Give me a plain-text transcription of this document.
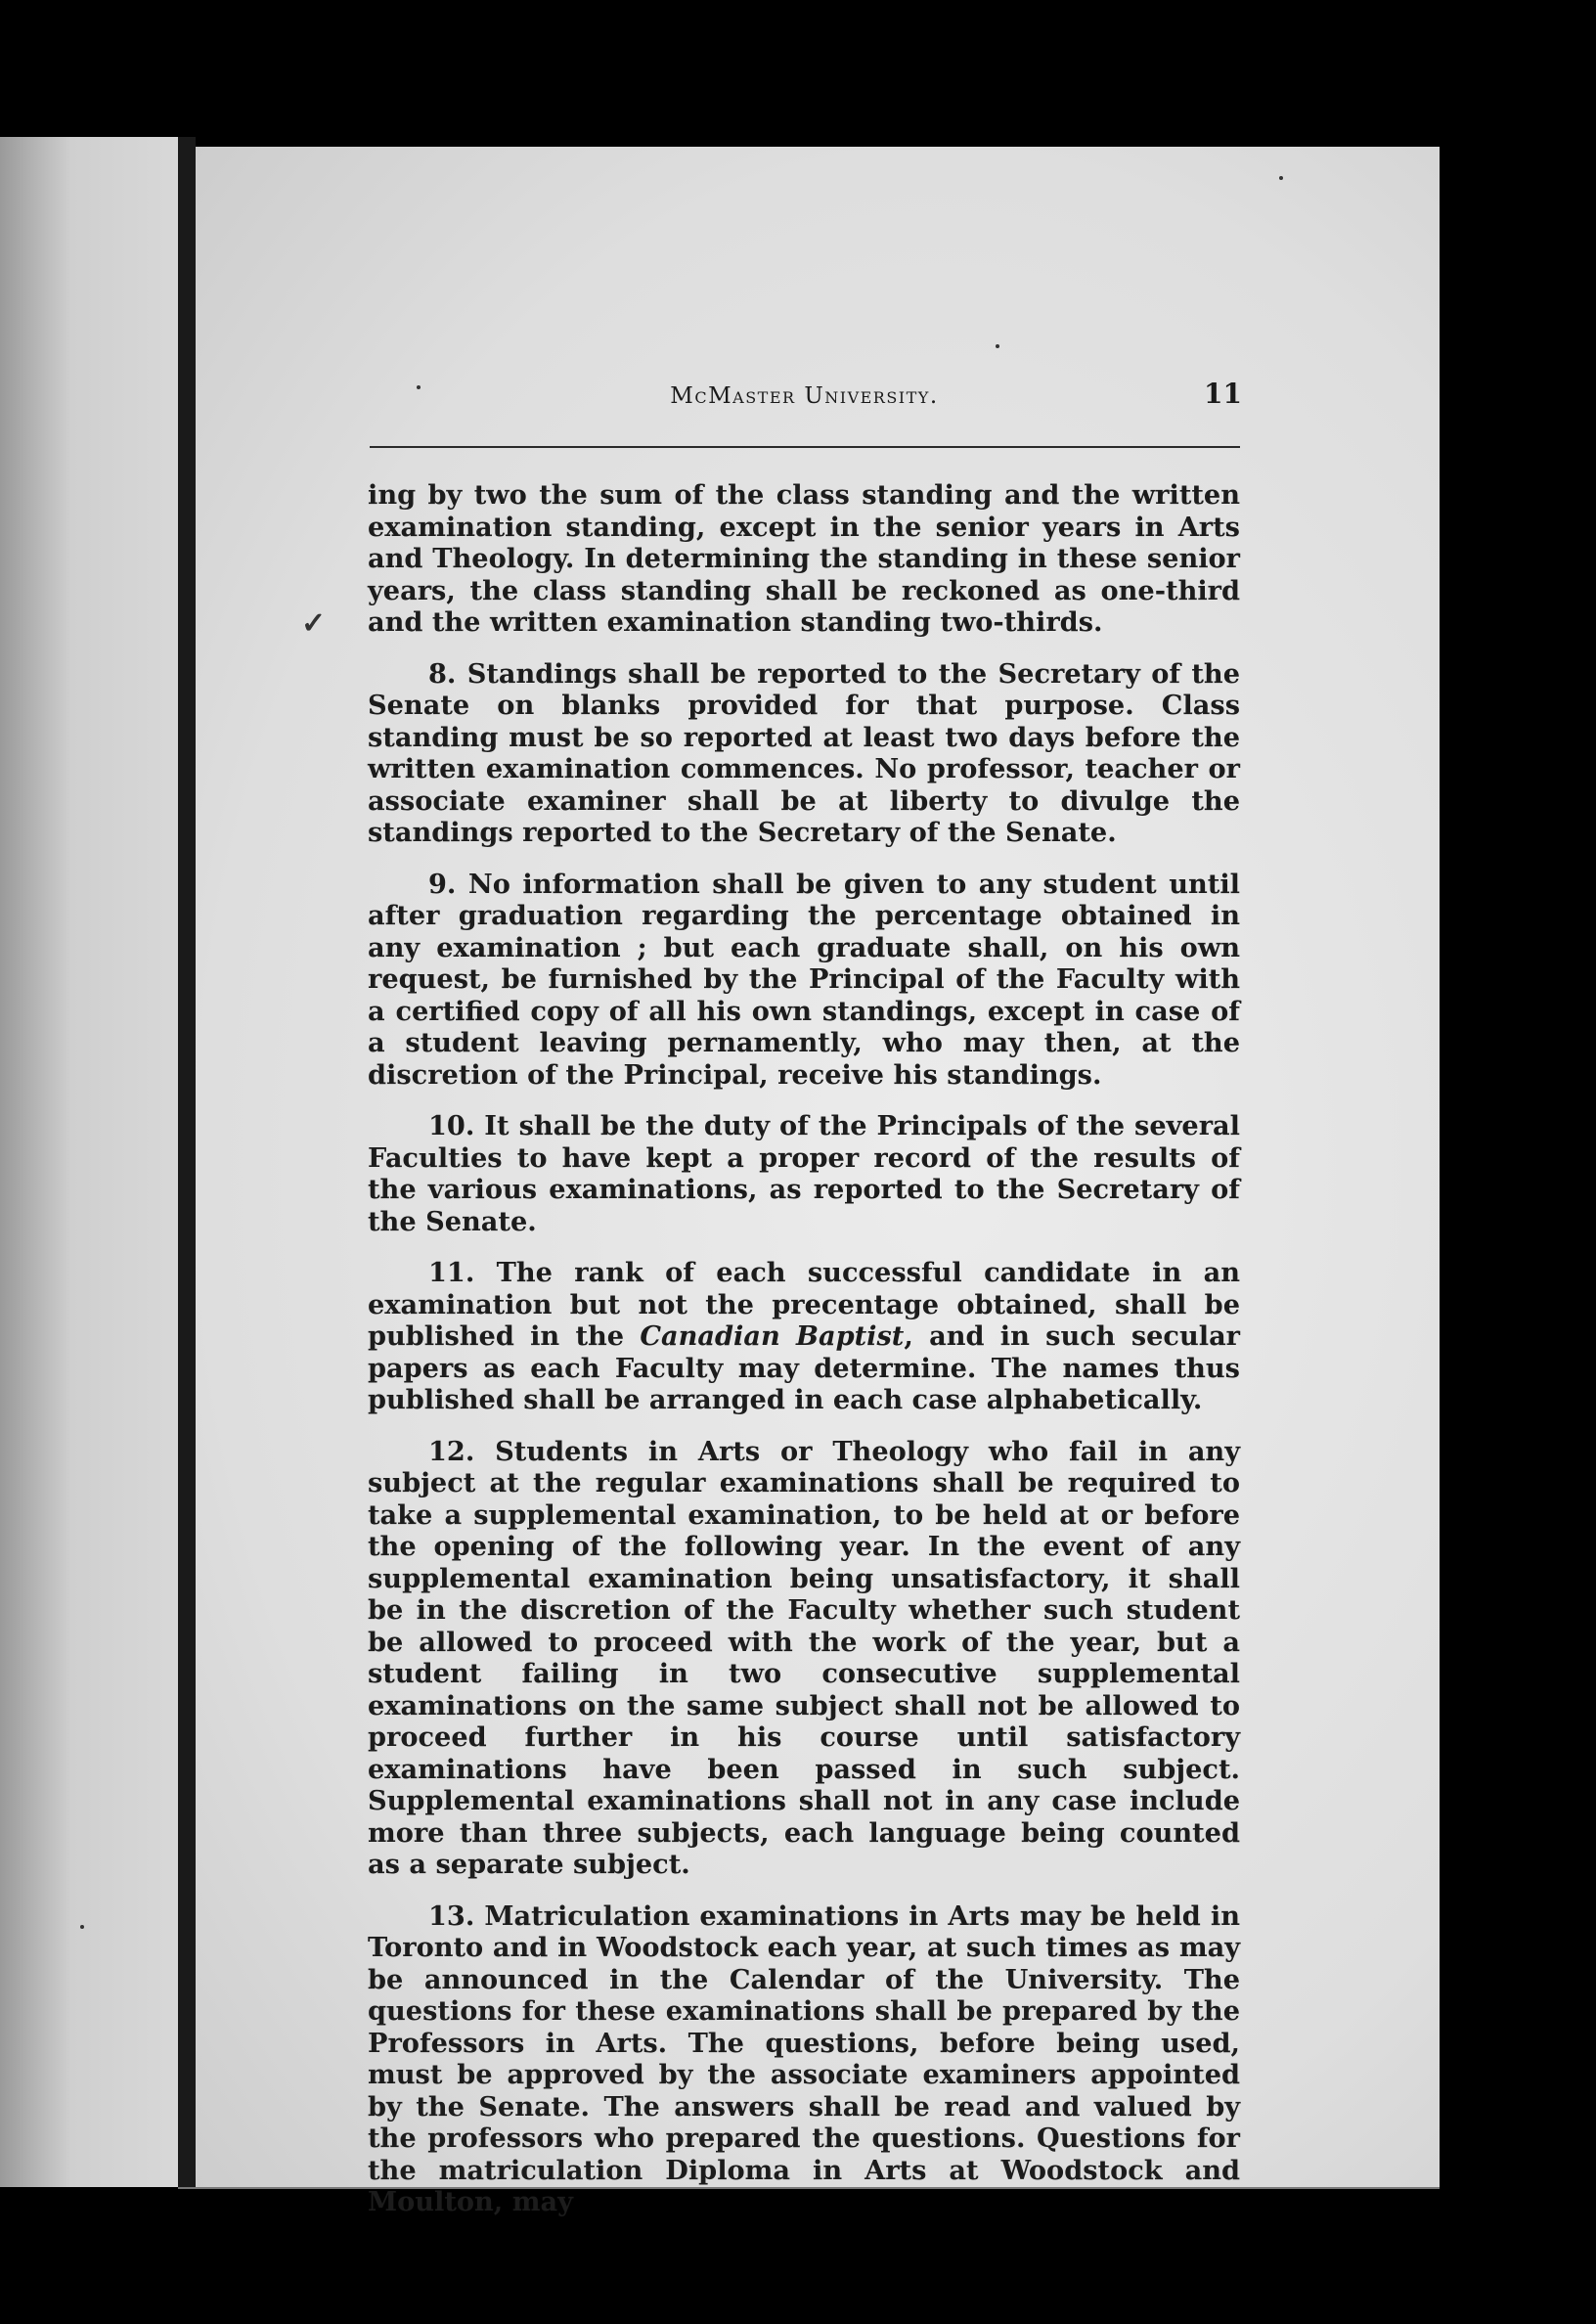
McMaster University.	11
✓

ing by two the sum of the class standing and the written examination standing, except in the senior years in Arts and Theology. In determining the standing in these senior years, the class standing shall be reckoned as one-third and the written examination standing two-thirds.

8. Standings shall be reported to the Secretary of the Senate on blanks provided for that purpose. Class standing must be so reported at least two days before the written examination commences. No professor, teacher or associate examiner shall be at liberty to divulge the standings reported to the Secretary of the Senate.

9. No information shall be given to any student until after graduation regarding the percentage obtained in any examination ; but each graduate shall, on his own request, be furnished by the Principal of the Faculty with a certified copy of all his own standings, except in case of a student leaving pernamently, who may then, at the discretion of the Principal, receive his standings.

10. It shall be the duty of the Principals of the several Faculties to have kept a proper record of the results of the various examinations, as reported to the Secretary of the Senate.

11. The rank of each successful candidate in an examination but not the precentage obtained, shall be published in the Canadian Baptist, and in such secular papers as each Faculty may determine. The names thus published shall be arranged in each case alphabetically.

12. Students in Arts or Theology who fail in any subject at the regular examinations shall be required to take a supplemental examination, to be held at or before the opening of the following year. In the event of any supplemental examination being unsatisfactory, it shall be in the discretion of the Faculty whether such student be allowed to proceed with the work of the year, but a student failing in two consecutive supplemental examinations on the same subject shall not be allowed to proceed further in his course until satisfactory examinations have been passed in such subject. Supplemental examinations shall not in any case include more than three subjects, each language being counted as a separate subject.

13. Matriculation examinations in Arts may be held in Toronto and in Woodstock each year, at such times as may be announced in the Calendar of the University. The questions for these examinations shall be prepared by the Professors in Arts. The questions, before being used, must be approved by the associate examiners appointed by the Senate. The answers shall be read and valued by the professors who prepared the questions. Questions for the matriculation Diploma in Arts at Woodstock and Moulton, may
